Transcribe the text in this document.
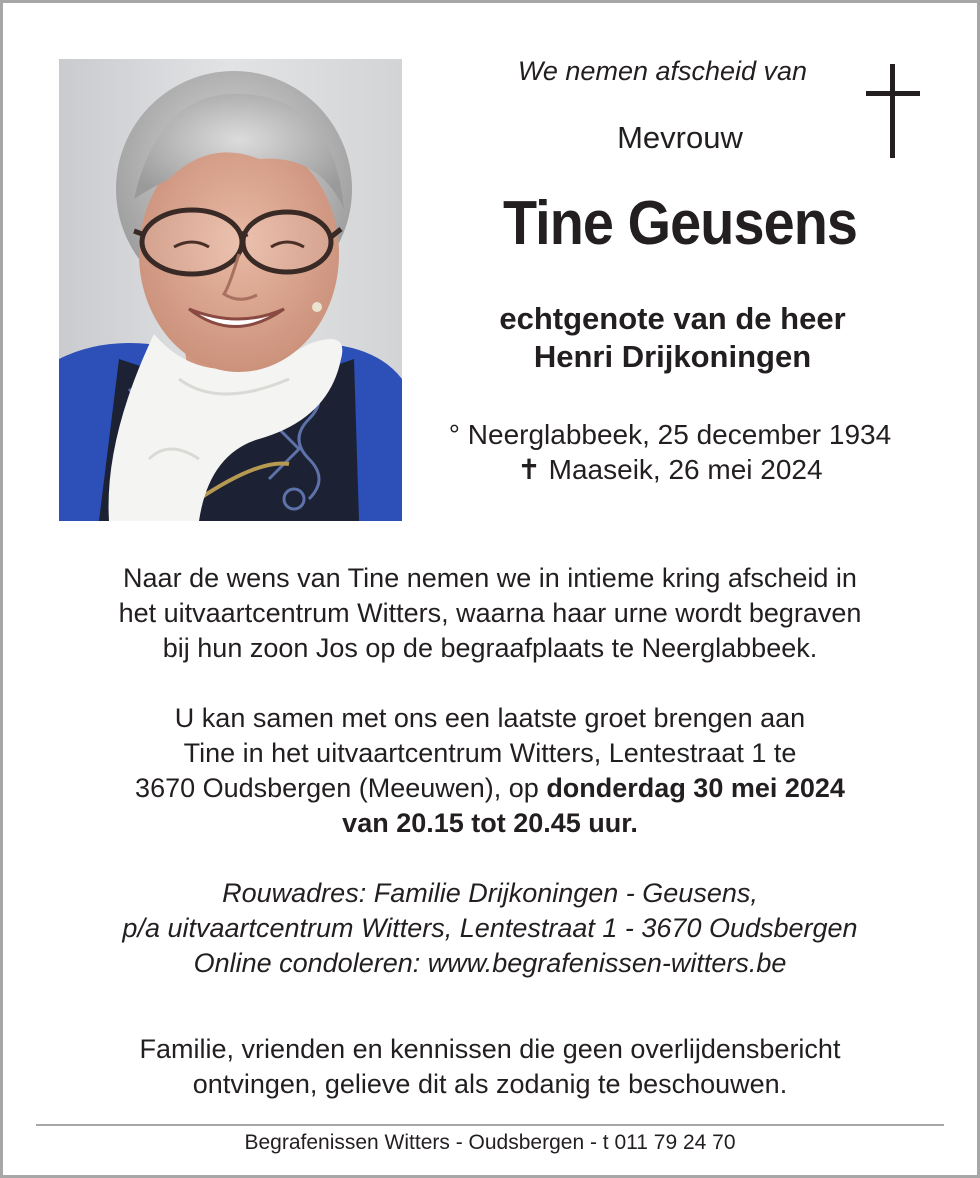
We nemen afscheid van
Mevrouw
Tine Geusens
echtgenote van de heer
Henri Drijkoningen
° Neerglabbeek, 25 december 1934
✝ Maaseik, 26 mei 2024
Naar de wens van Tine nemen we in intieme kring afscheid in
het uitvaartcentrum Witters, waarna haar urne wordt begraven
bij hun zoon Jos op de begraafplaats te Neerglabbeek.
U kan samen met ons een laatste groet brengen aan
Tine in het uitvaartcentrum Witters, Lentestraat 1 te
3670 Oudsbergen (Meeuwen), op donderdag 30 mei 2024
van 20.15 tot 20.45 uur.
Rouwadres: Familie Drijkoningen - Geusens,
p/a uitvaartcentrum Witters, Lentestraat 1 - 3670 Oudsbergen
Online condoleren: www.begrafenissen-witters.be
Familie, vrienden en kennissen die geen overlijdensbericht
ontvingen, gelieve dit als zodanig te beschouwen.
Begrafenissen Witters - Oudsbergen - t 011 79 24 70
